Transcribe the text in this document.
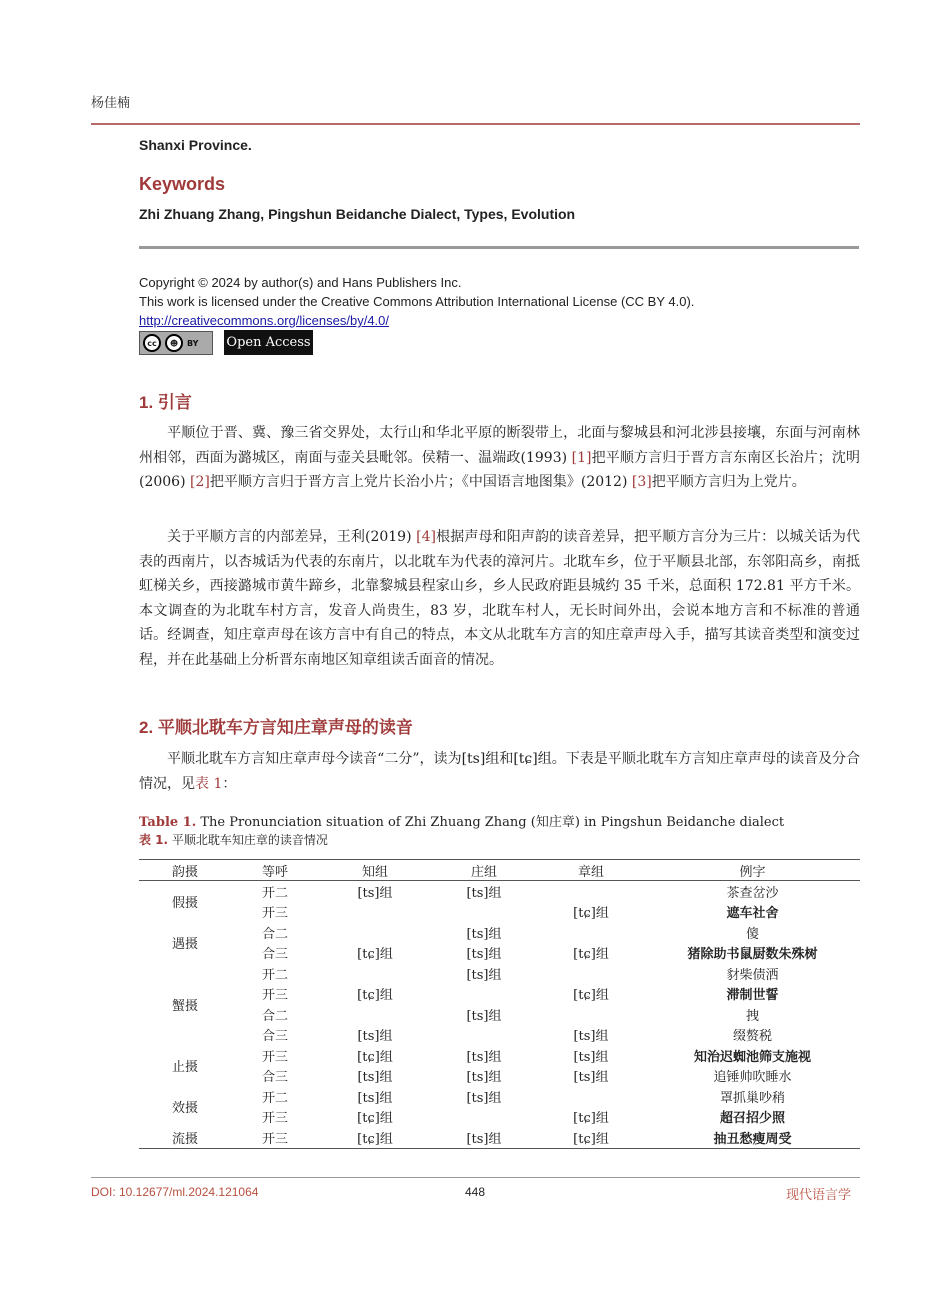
杨佳楠
Shanxi Province.
Keywords
Zhi Zhuang Zhang, Pingshun Beidanche Dialect, Types, Evolution
Copyright © 2024 by author(s) and Hans Publishers Inc.
This work is licensed under the Creative Commons Attribution International License (CC BY 4.0).
http://creativecommons.org/licenses/by/4.0/
cc	☻	BY Open Access
1. 引言
平顺位于晋、冀、豫三省交界处，太行山和华北平原的断裂带上，北面与黎城县和河北涉县接壤，东面与河南林州相邻，西面为潞城区，南面与壶关县毗邻。侯精一、温端政(1993) [1]把平顺方言归于晋方言东南区长治片；沈明(2006) [2]把平顺方言归于晋方言上党片长治小片；《中国语言地图集》(2012) [3]把平顺方言归为上党片。
关于平顺方言的内部差异，王利(2019) [4]根据声母和阳声韵的读音差异，把平顺方言分为三片：以城关话为代表的西南片，以杏城话为代表的东南片，以北耽车为代表的漳河片。北耽车乡，位于平顺县北部，东邻阳高乡，南抵虹梯关乡，西接潞城市黄牛蹄乡，北靠黎城县程家山乡，乡人民政府距县城约 35 千米，总面积 172.81 平方千米。本文调查的为北耽车村方言，发音人尚贵生，83 岁，北耽车村人，无长时间外出，会说本地方言和不标准的普通话。经调查，知庄章声母在该方言中有自己的特点，本文从北耽车方言的知庄章声母入手，描写其读音类型和演变过程，并在此基础上分析晋东南地区知章组读舌面音的情况。
2. 平顺北耽车方言知庄章声母的读音
平顺北耽车方言知庄章声母今读音“二分”，读为[ts]组和[tɕ]组。下表是平顺北耽车方言知庄章声母的读音及分合情况，见表 1：
Table 1. The Pronunciation situation of Zhi Zhuang Zhang (知庄章) in Pingshun Beidanche dialect
表 1. 平顺北耽车知庄章的读音情况
韵摄	等呼	知组	庄组	章组	例字
假摄	开二	[ts]组	[ts]组		茶查岔沙
	开三			[tɕ]组	遮车社舍
遇摄	合二		[ts]组		傻
	合三	[tɕ]组	[ts]组	[tɕ]组	猪除助书鼠厨数朱殊树
蟹摄	开二		[ts]组		豺柴债洒
	开三	[tɕ]组		[tɕ]组	滞制世誓
	合二		[ts]组		拽
	合三	[ts]组		[ts]组	缀赘税
止摄	开三	[tɕ]组	[ts]组	[ts]组	知治迟蜘池筛支施视
	合三	[ts]组	[ts]组	[ts]组	追锤帅吹睡水
效摄	开二	[ts]组	[ts]组		罩抓巢吵稍
	开三	[tɕ]组		[tɕ]组	超召招少照
流摄	开三	[tɕ]组	[ts]组	[tɕ]组	抽丑愁瘦周受
DOI: 10.12677/ml.2024.121064	448	现代语言学
